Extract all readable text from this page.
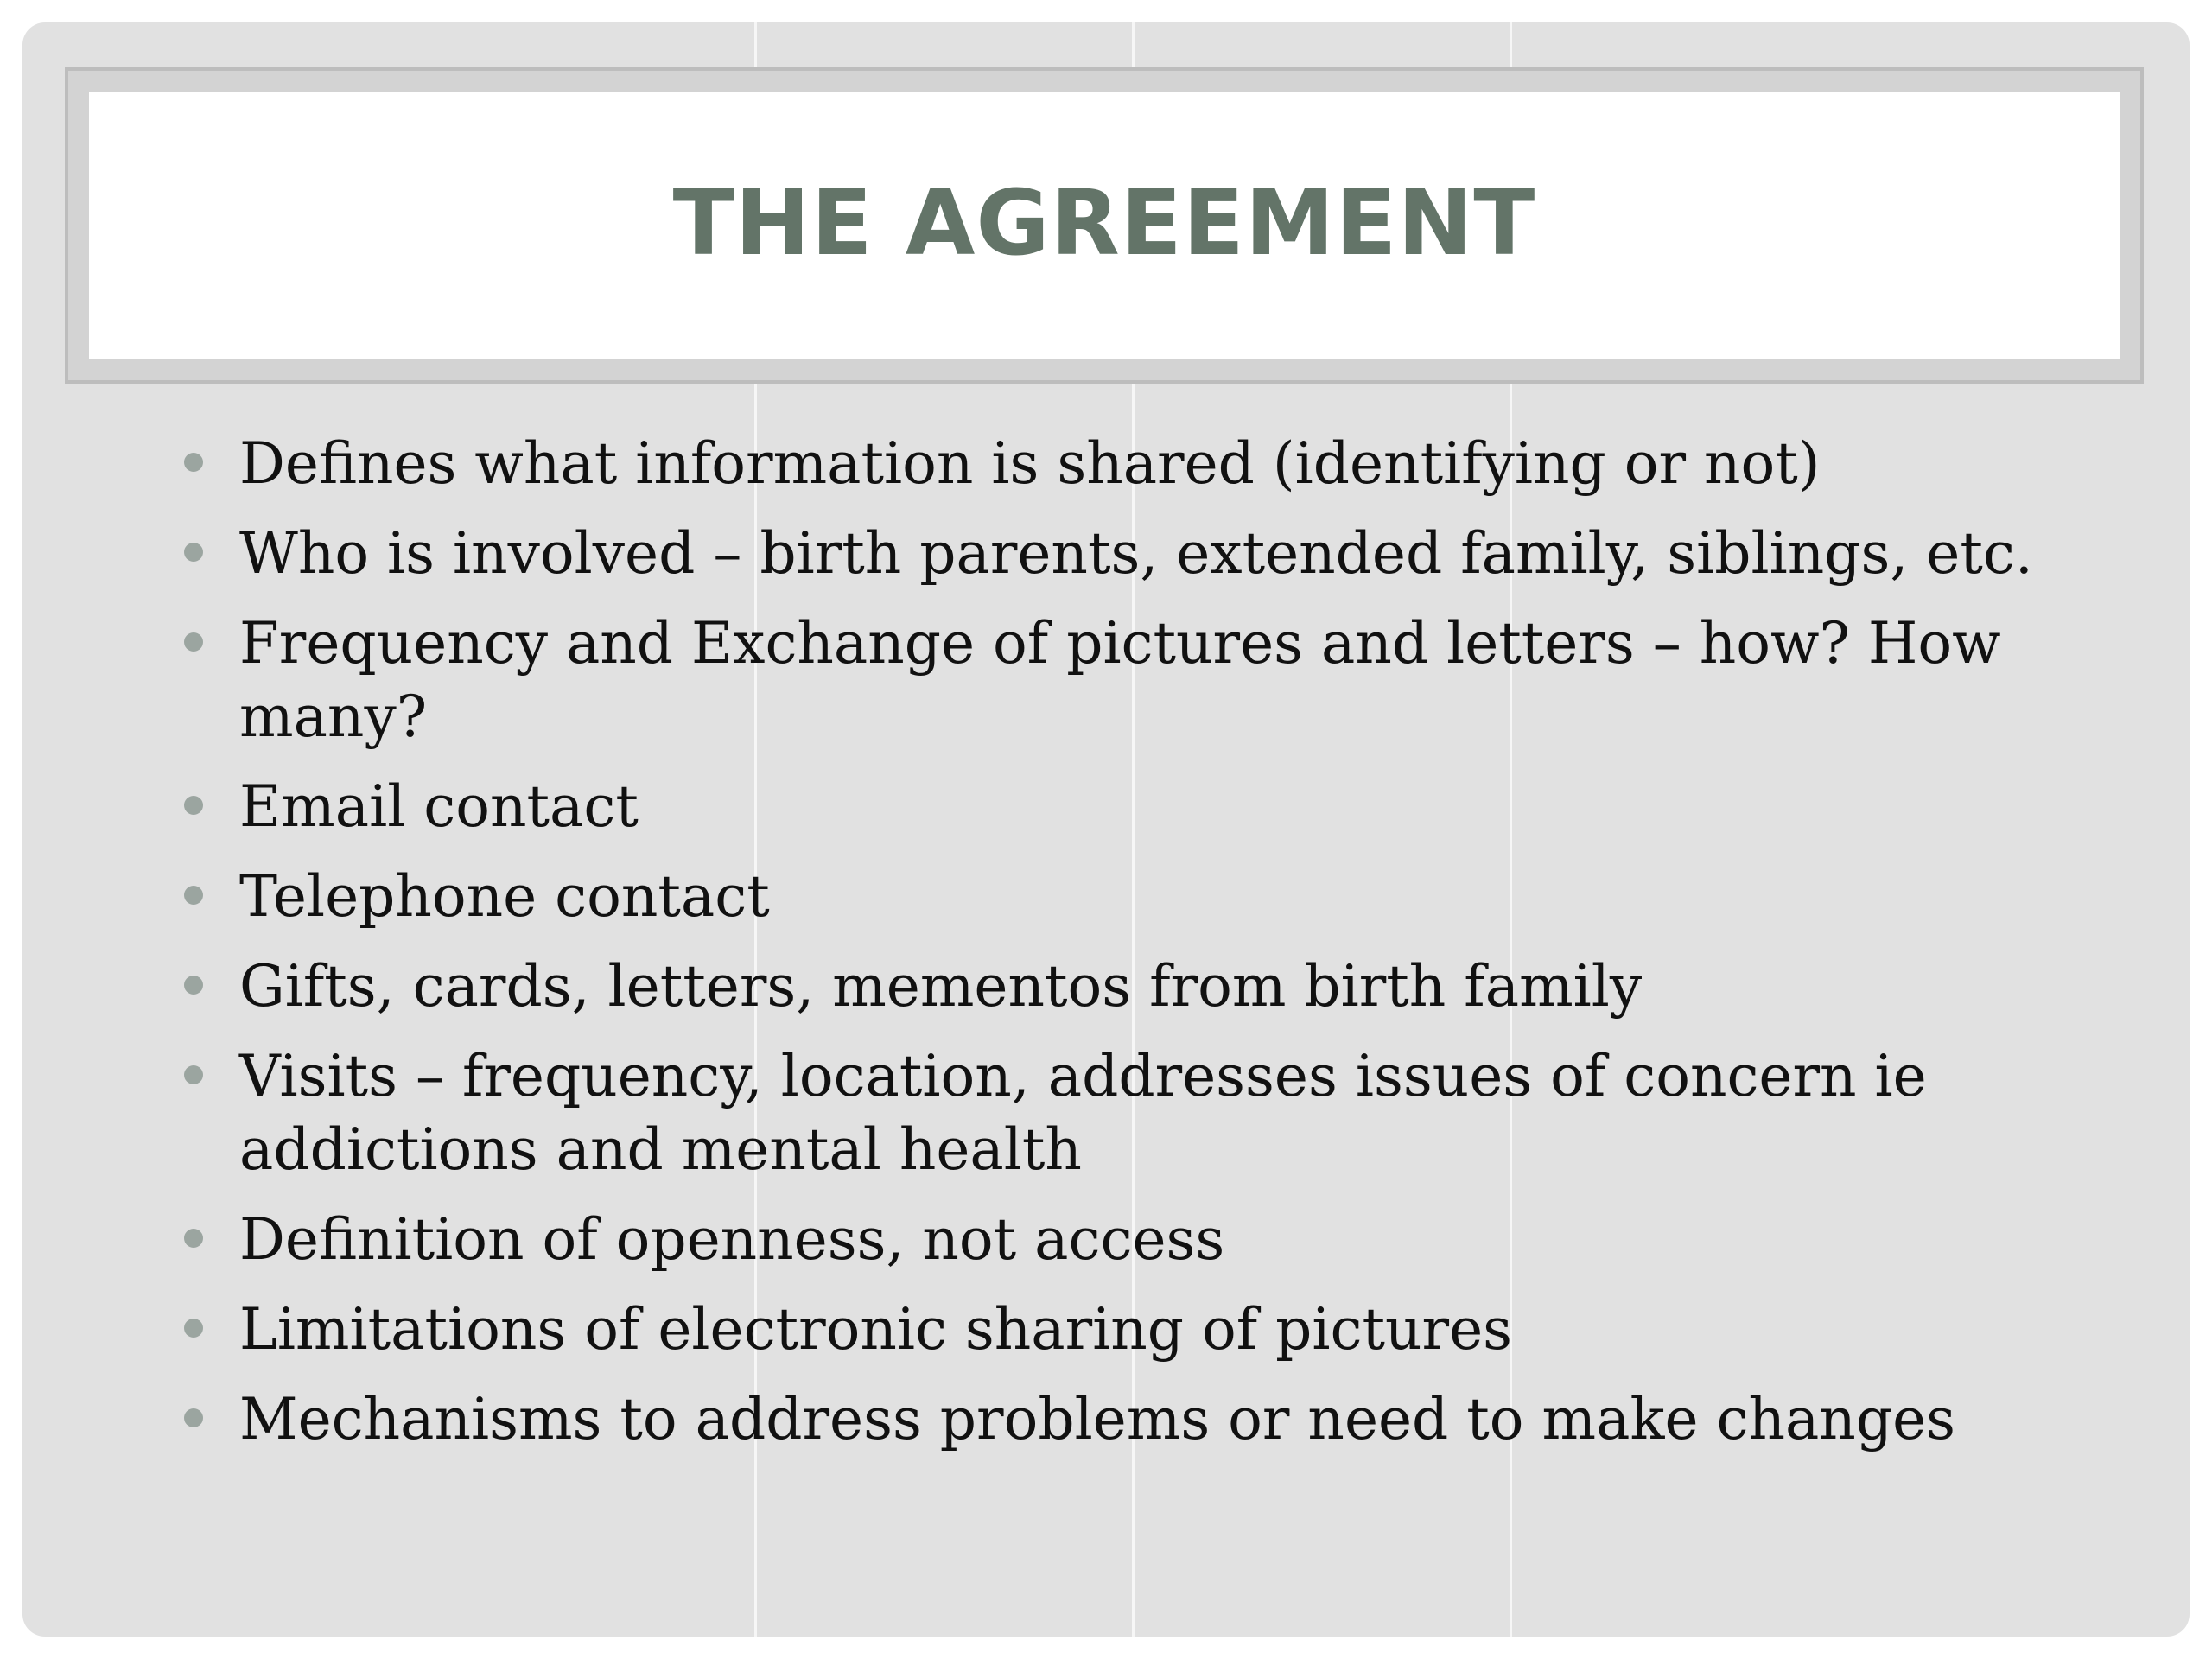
THE AGREEMENT
Defines what information is shared (identifying or not)
Who is involved – birth parents, extended family, siblings, etc.
Frequency and Exchange of pictures and letters – how? How many?
Email contact
Telephone contact
Gifts, cards, letters, mementos from birth family
Visits – frequency, location, addresses issues of concern ie addictions and mental health
Definition of openness, not access
Limitations of electronic sharing of pictures
Mechanisms to address problems or need to make changes
